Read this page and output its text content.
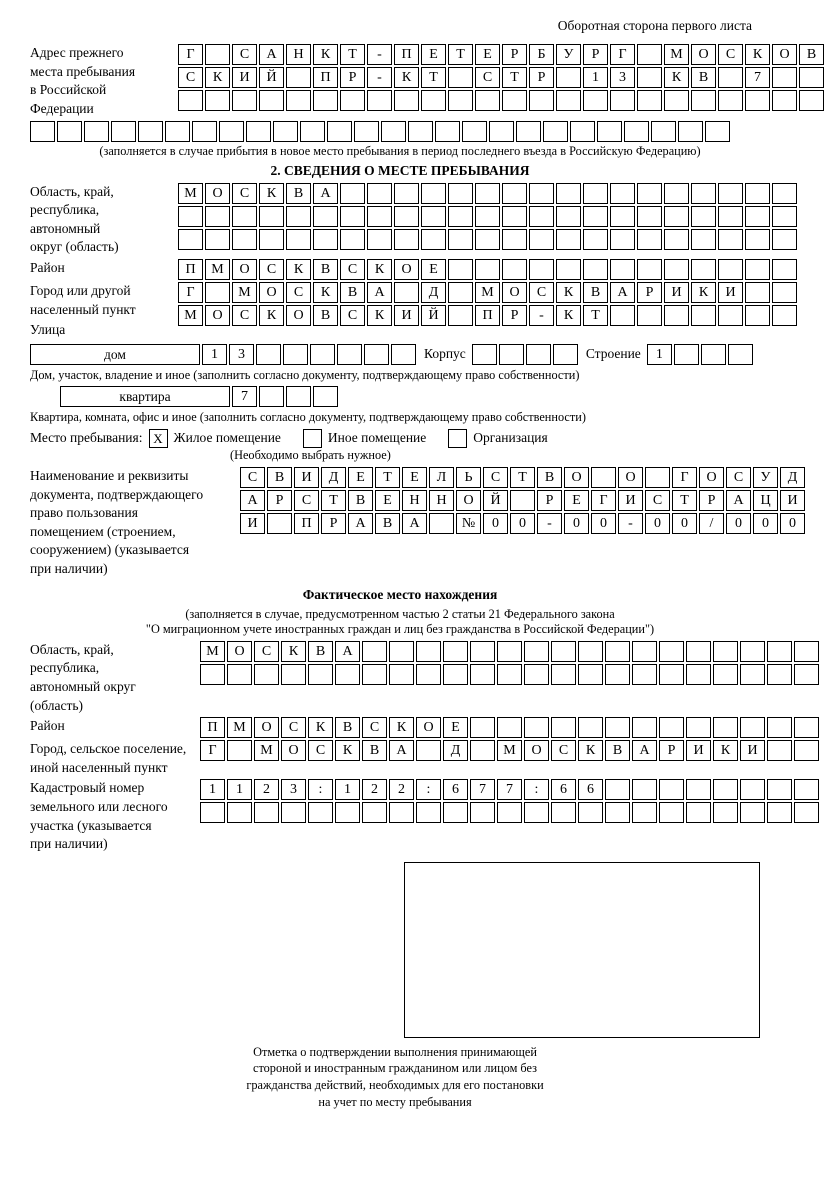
Оборотная сторона первого листа
Адрес прежнего
места пребывания
в Российской
Федерации
Г	С	А	Н	К	Т	-	П	Е	Т	Е	Р	Б	У	Р	Г	М	О	С	К	О	В
С	К	И	Й	П	Р	-	К	Т	С	Т	Р	1	3	К	В	7
(заполняется в случае прибытия в новое место пребывания в период последнего въезда в Российскую Федерацию)
2. СВЕДЕНИЯ О МЕСТЕ ПРЕБЫВАНИЯ
Область, край,
республика,
автономный
округ (область)
М	О	С	К	В	А
Район	П	М	О	С	К	В	С	К	О	Е
Город или другой
населенный пункт
Улица
Г	М	О	С	К	В	А	Д	М	О	С	К	В	А	Р	И	К	И
М	О	С	К	О	В	С	К	И	Й	П	Р	-	К	Т
дом	1	3	Корпус	Строение	1
Дом, участок, владение и иное (заполнить согласно документу, подтверждающему право собственности)
квартира	7
Квартира, комната, офис и иное (заполнить согласно документу, подтверждающему право собственности)
Место пребывания: X Жилое помещение	Иное помещение	Организация
(Необходимо выбрать нужное)
Наименование и реквизиты
документа, подтверждающего
право пользования
помещением (строением,
сооружением) (указывается
при наличии)
С	В	И	Д	Е	Т	Е	Л	Ь	С	Т	В	О	О	Г	О	С	У	Д
А	Р	С	Т	В	Е	Н	Н	О	Й	Р	Е	Г	И	С	Т	Р	А	Ц	И
И	П	Р	А	В	А	№	0	0	-	0	0	-	0	0	/	0	0	0
Фактическое место нахождения
(заполняется в случае, предусмотренном частью 2 статьи 21 Федерального закона
"О миграционном учете иностранных граждан и лиц без гражданства в Российской Федерации")
Область, край,
республика,
автономный округ
(область)
М	О	С	К	В	А
Район	П	М	О	С	К	В	С	К	О	Е
Город, сельское поселение,
иной населенный пункт
Г	М	О	С	К	В	А	Д	М	О	С	К	В	А	Р	И	К	И
Кадастровый номер
земельного или лесного
участка (указывается
при наличии)
1	1	2	3	:	1	2	2	:	6	7	7	:	6	6
Отметка о подтверждении выполнения принимающей
стороной и иностранным гражданином или лицом без
гражданства действий, необходимых для его постановки
на учет по месту пребывания
